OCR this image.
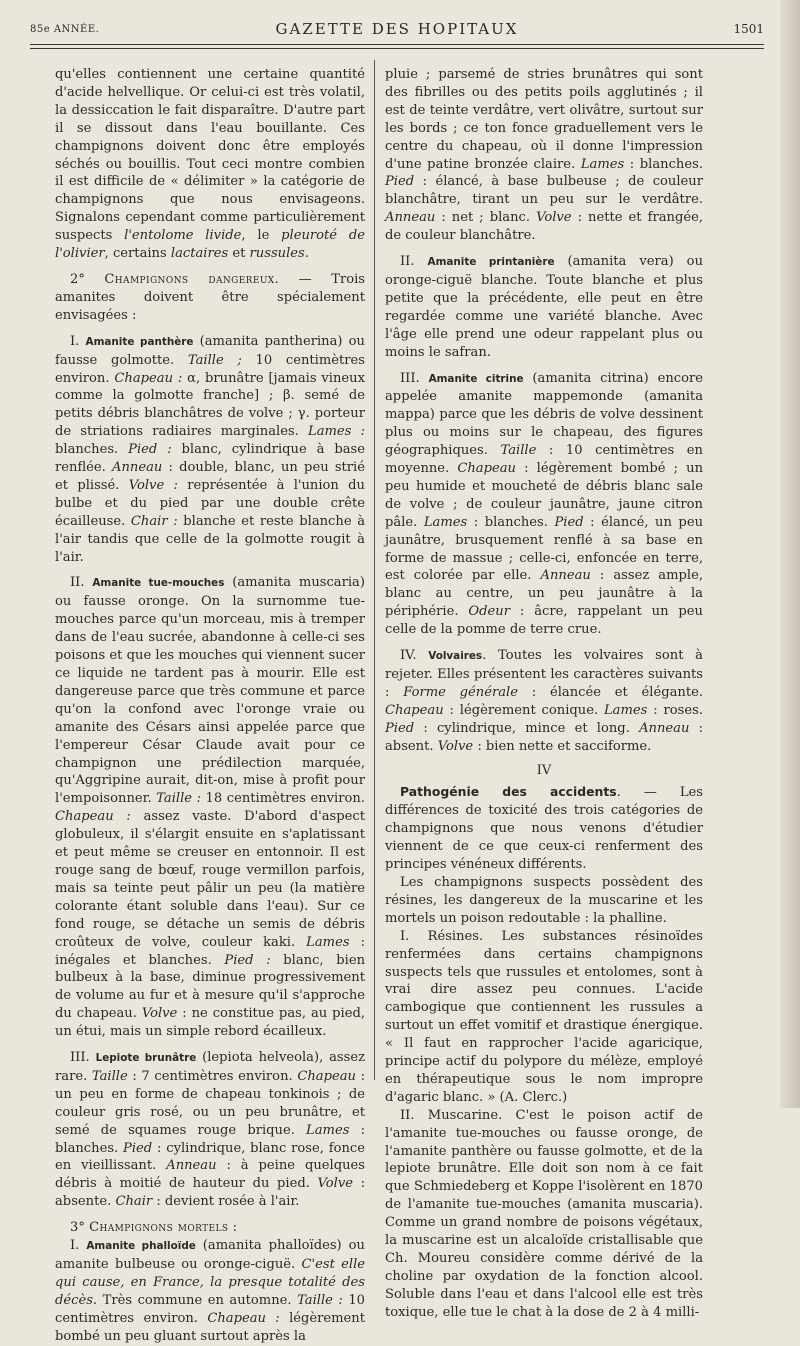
85e ANNÉE.	GAZETTE DES HOPITAUX	1501

qu'elles contiennent une certaine quantité d'acide helvellique. Or celui-ci est très volatil, la dessiccation le fait disparaître. D'autre part il se dissout dans l'eau bouillante. Ces champignons doivent donc être employés séchés ou bouillis. Tout ceci montre combien il est difficile de « délimiter » la catégorie de champignons que nous envisageons. Signalons cependant comme particulièrement suspects l'entolome livide, le pleuroté de l'olivier, certains lactaires et russules.

2° Champignons dangereux. — Trois amanites doivent être spécialement envisagées :

I. Amanite panthère (amanita pantherina) ou fausse golmotte. Taille ; 10 centimètres environ. Chapeau : α, brunâtre [jamais vineux comme la golmotte franche] ; β. semé de petits débris blanchâtres de volve ; γ. porteur de striations radiaires marginales. Lames : blanches. Pied : blanc, cylindrique à base renflée. Anneau : double, blanc, un peu strié et plissé. Volve : représentée à l'union du bulbe et du pied par une double crête écailleuse. Chair : blanche et reste blanche à l'air tandis que celle de la golmotte rougit à l'air.

II. Amanite tue-mouches (amanita muscaria) ou fausse oronge. On la surnomme tue-mouches parce qu'un morceau, mis à tremper dans de l'eau sucrée, abandonne à celle-ci ses poisons et que les mouches qui viennent sucer ce liquide ne tardent pas à mourir. Elle est dangereuse parce que très commune et parce qu'on la confond avec l'oronge vraie ou amanite des Césars ainsi appelée parce que l'empereur César Claude avait pour ce champignon une prédilection marquée, qu'Aggripine aurait, dit-on, mise à profit pour l'empoisonner. Taille : 18 centimètres environ. Chapeau : assez vaste. D'abord d'aspect globuleux, il s'élargit ensuite en s'aplatissant et peut même se creuser en entonnoir. Il est rouge sang de bœuf, rouge vermillon parfois, mais sa teinte peut pâlir un peu (la matière colorante étant soluble dans l'eau). Sur ce fond rouge, se détache un semis de débris croûteux de volve, couleur kaki. Lames : inégales et blanches. Pied : blanc, bien bulbeux à la base, diminue progressivement de volume au fur et à mesure qu'il s'approche du chapeau. Volve : ne constitue pas, au pied, un étui, mais un simple rebord écailleux.

III. Lepiote brunâtre (lepiota helveola), assez rare. Taille : 7 centimètres environ. Chapeau : un peu en forme de chapeau tonkinois ; de couleur gris rosé, ou un peu brunâtre, et semé de squames rouge brique. Lames : blanches. Pied : cylindrique, blanc rose, fonce en vieillissant. Anneau : à peine quelques débris à moitié de hauteur du pied. Volve : absente. Chair : devient rosée à l'air.

3° Champignons mortels :

I. Amanite phalloïde (amanita phalloïdes) ou amanite bulbeuse ou oronge-ciguë. C'est elle qui cause, en France, la presque totalité des décès. Très commune en automne. Taille : 10 centimètres environ. Chapeau : légèrement bombé un peu gluant surtout après la

pluie ; parsemé de stries brunâtres qui sont des fibrilles ou des petits poils agglutinés ; il est de teinte verdâtre, vert olivâtre, surtout sur les bords ; ce ton fonce graduellement vers le centre du chapeau, où il donne l'impression d'une patine bronzée claire. Lames : blanches. Pied : élancé, à base bulbeuse ; de couleur blanchâtre, tirant un peu sur le verdâtre. Anneau : net ; blanc. Volve : nette et frangée, de couleur blanchâtre.

II. Amanite printanière (amanita vera) ou oronge-ciguë blanche. Toute blanche et plus petite que la précédente, elle peut en être regardée comme une variété blanche. Avec l'âge elle prend une odeur rappelant plus ou moins le safran.

III. Amanite citrine (amanita citrina) encore appelée amanite mappemonde (amanita mappa) parce que les débris de volve dessinent plus ou moins sur le chapeau, des figures géographiques. Taille : 10 centimètres en moyenne. Chapeau : légèrement bombé ; un peu humide et moucheté de débris blanc sale de volve ; de couleur jaunâtre, jaune citron pâle. Lames : blanches. Pied : élancé, un peu jaunâtre, brusquement renflé à sa base en forme de massue ; celle-ci, enfoncée en terre, est colorée par elle. Anneau : assez ample, blanc au centre, un peu jaunâtre à la périphérie. Odeur : âcre, rappelant un peu celle de la pomme de terre crue.

IV. Volvaires. Toutes les volvaires sont à rejeter. Elles présentent les caractères suivants : Forme générale : élancée et élégante. Chapeau : légèrement conique. Lames : roses. Pied : cylindrique, mince et long. Anneau : absent. Volve : bien nette et sacciforme.

IV

Pathogénie des accidents. — Les différences de toxicité des trois catégories de champignons que nous venons d'étudier viennent de ce que ceux-ci renferment des principes vénéneux différents.

Les champignons suspects possèdent des résines, les dangereux de la muscarine et les mortels un poison redoutable : la phalline.

I. Résines. Les substances résinoïdes renfermées dans certains champignons suspects tels que russules et entolomes, sont à vrai dire assez peu connues. L'acide cambogique que contiennent les russules a surtout un effet vomitif et drastique énergique. « Il faut en rapprocher l'acide agaricique, principe actif du polypore du mélèze, employé en thérapeutique sous le nom impropre d'agaric blanc. » (A. Clerc.)

II. Muscarine. C'est le poison actif de l'amanite tue-mouches ou fausse oronge, de l'amanite panthère ou fausse golmotte, et de la lepiote brunâtre. Elle doit son nom à ce fait que Schmiedeberg et Koppe l'isolèrent en 1870 de l'amanite tue-mouches (amanita muscaria). Comme un grand nombre de poisons végétaux, la muscarine est un alcaloïde cristallisable que Ch. Moureu considère comme dérivé de la choline par oxydation de la fonction alcool. Soluble dans l'eau et dans l'alcool elle est très toxique, elle tue le chat à la dose de 2 à 4 milli-
